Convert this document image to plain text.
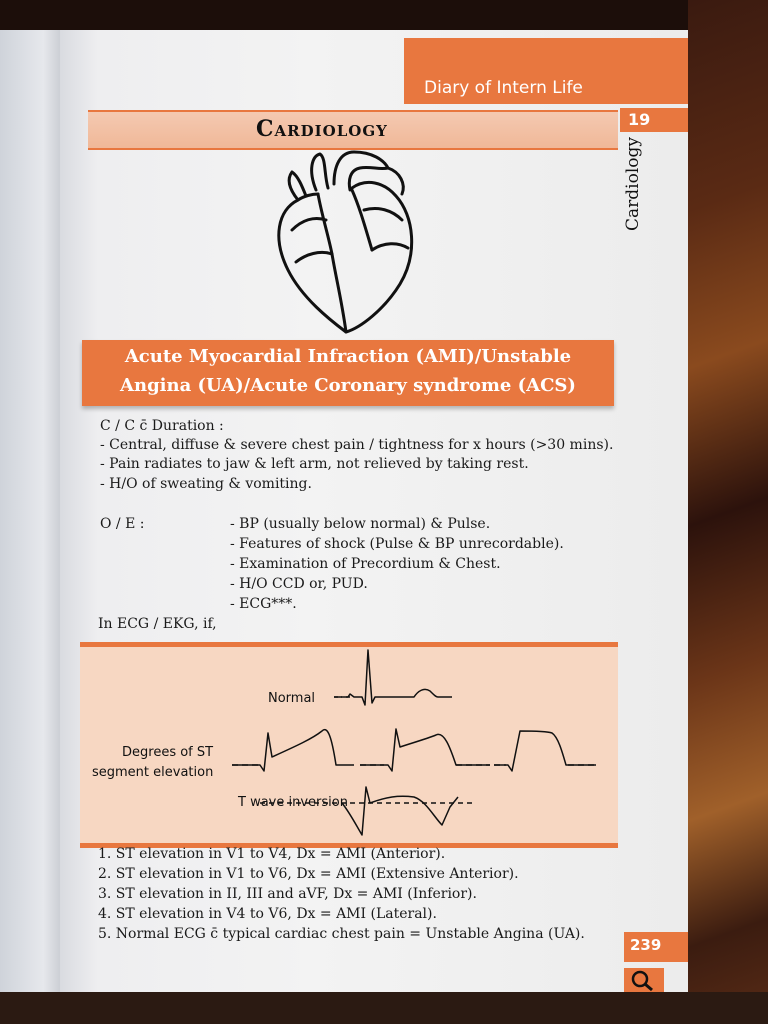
Diary of Intern Life
Cardiology	19
Cardiology
Acute Myocardial Infraction (AMI)/Unstable
Angina (UA)/Acute Coronary syndrome (ACS)
C / C c̄ Duration :
- Central, diffuse & severe chest pain / tightness for x hours (>30 mins).
- Pain radiates to jaw & left arm, not relieved by taking rest.
- H/O of sweating & vomiting.
O / E :	- BP (usually below normal) & Pulse.
- Features of shock (Pulse & BP unrecordable).
- Examination of Precordium & Chest.
- H/O CCD or, PUD.
- ECG***.
In ECG / EKG, if,
Normal
Degrees of ST
segment elevation
T wave inversion
1. ST elevation in V1 to V4, Dx = AMI (Anterior).
2. ST elevation in V1 to V6, Dx = AMI (Extensive Anterior).
3. ST elevation in II, III and aVF, Dx = AMI (Inferior).
4. ST elevation in V4 to V6, Dx = AMI (Lateral).
5. Normal ECG c̄ typical cardiac chest pain = Unstable Angina (UA).
239
